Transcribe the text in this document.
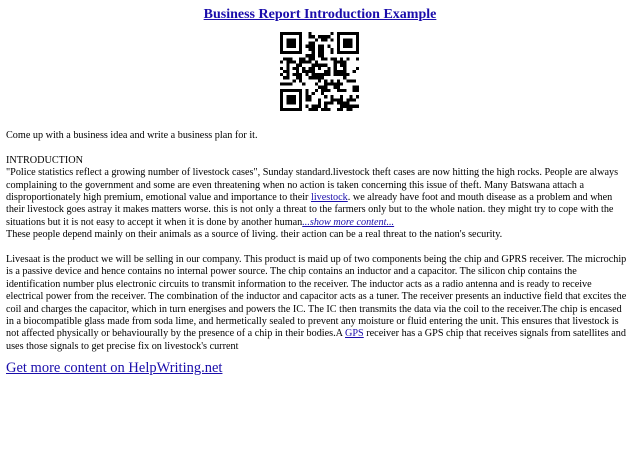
Business Report Introduction Example

Come up with a business idea and write a business plan for it.

INTRODUCTION

"Police statistics reflect a growing number of livestock cases", Sunday standard.livestock theft cases are now hitting the high rocks. People are always complaining to the government and some are even threatening when no action is taken concerning this issue of theft. Many Batswana attach a disproportionately high premium, emotional value and importance to their livestock. we already have foot and mouth disease as a problem and when their livestock goes astray it makes matters worse. this is not only a threat to the farmers only but to the whole nation. they might try to cope with the situations but it is not easy to accept it when it is done by another human...show more content...

These people depend mainly on their animals as a source of living. their action can be a real threat to the nation's security.

Livesaat is the product we will be selling in our company. This product is maid up of two components being the chip and GPRS receiver. The microchip is a passive device and hence contains no internal power source. The chip contains an inductor and a capacitor. The silicon chip contains the identification number plus electronic circuits to transmit information to the receiver. The inductor acts as a radio antenna and is ready to receive electrical power from the receiver. The combination of the inductor and capacitor acts as a tuner. The receiver presents an inductive field that excites the coil and charges the capacitor, which in turn energises and powers the IC. The IC then transmits the data via the coil to the receiver.The chip is encased in a biocompatible glass made from soda lime, and hermetically sealed to prevent any moisture or fluid entering the unit. This ensures that livestock is not affected physically or behaviourally by the presence of a chip in their bodies.A GPS receiver has a GPS chip that receives signals from satellites and uses those signals to get precise fix on livestock's current

Get more content on HelpWriting.net
